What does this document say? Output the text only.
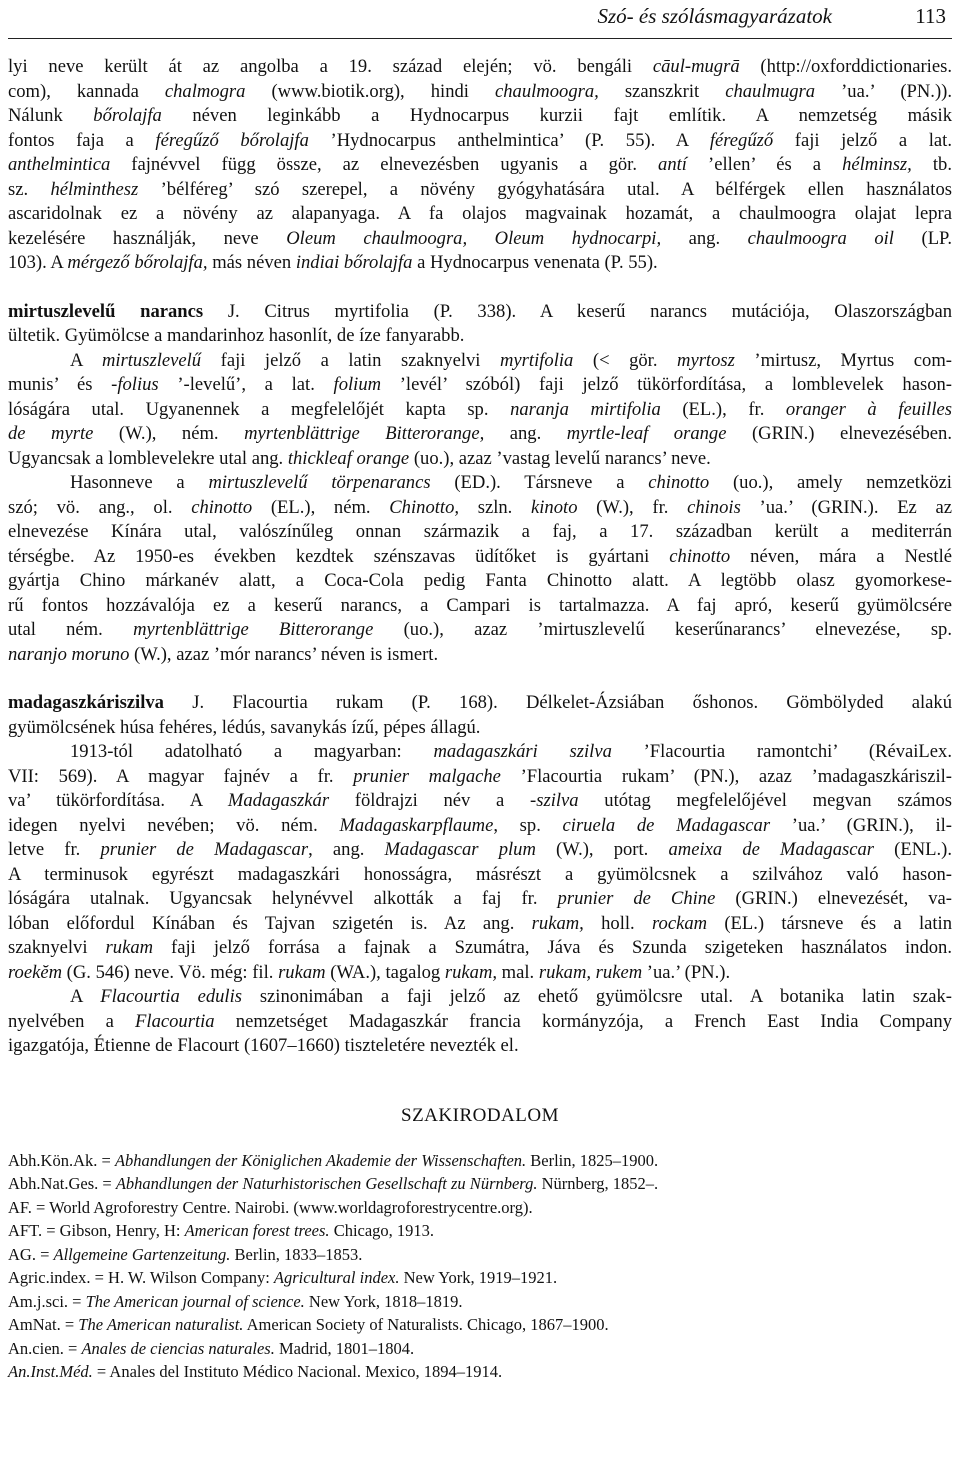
Szó- és szólásmagyarázatok	113
lyi neve került át az angolba a 19. század elején; vö. bengáli cāul-mugrā (http://oxforddictionaries.
com), kannada chalmogra (www.biotik.org), hindi chaulmoogra, szanszkrit chaulmugra ’ua.’ (PN.)).
Nálunk bőrolajfa néven leginkább a Hydnocarpus kurzii fajt említik. A nemzetség másik
fontos faja a féregűző bőrolajfa ’Hydnocarpus anthelmintica’ (P. 55). A féregűző faji jelző a lat.
anthelmintica fajnévvel függ össze, az elnevezésben ugyanis a gör. antí ’ellen’ és a hélminsz, tb.
sz. hélminthesz ’bélféreg’ szó szerepel, a növény gyógyhatására utal. A bélférgek ellen használatos
ascaridolnak ez a növény az alapanyaga. A fa olajos magvainak hozamát, a chaulmoogra olajat lepra
kezelésére használják, neve Oleum chaulmoogra, Oleum hydnocarpi, ang. chaulmoogra oil (LP.
103). A mérgező bőrolajfa, más néven indiai bőrolajfa a Hydnocarpus venenata (P. 55).
mirtuszlevelű narancs J. Citrus myrtifolia (P. 338). A keserű narancs mutációja, Olaszországban
ültetik. Gyümölcse a mandarinhoz hasonlít, de íze fanyarabb.
A mirtuszlevelű faji jelző a latin szaknyelvi myrtifolia (< gör. myrtosz ’mirtusz, Myrtus com-
munis’ és -folius ’-levelű’, a lat. folium ’levél’ szóból) faji jelző tükörfordítása, a lomblevelek hason-
lóságára utal. Ugyanennek a megfelelőjét kapta sp. naranja mirtifolia (EL.), fr. oranger à feuilles
de myrte (W.), ném. myrtenblättrige Bitterorange, ang. myrtle-leaf orange (GRIN.) elnevezésében.
Ugyancsak a lomblevelekre utal ang. thickleaf orange (uo.), azaz ’vastag levelű narancs’ neve.
Hasonneve a mirtuszlevelű törpenarancs (ED.). Társneve a chinotto (uo.), amely nemzetközi
szó; vö. ang., ol. chinotto (EL.), ném. Chinotto, szln. kinoto (W.), fr. chinois ’ua.’ (GRIN.). Ez az
elnevezése Kínára utal, valószínűleg onnan származik a faj, a 17. században került a mediterrán
térségbe. Az 1950-es években kezdtek szénszavas üdítőket is gyártani chinotto néven, mára a Nestlé
gyártja Chino márkanév alatt, a Coca-Cola pedig Fanta Chinotto alatt. A legtöbb olasz gyomorkese-
rű fontos hozzávalója ez a keserű narancs, a Campari is tartalmazza. A faj apró, keserű gyümölcsére
utal ném. myrtenblättrige Bitterorange (uo.), azaz ’mirtuszlevelű keserűnarancs’ elnevezése, sp.
naranjo moruno (W.), azaz ’mór narancs’ néven is ismert.
madagaszkáriszilva J. Flacourtia rukam (P. 168). Délkelet-Ázsiában őshonos. Gömbölyded alakú
gyümölcsének húsa fehéres, lédús, savanykás ízű, pépes állagú.
1913-tól adatolható a magyarban: madagaszkári szilva ’Flacourtia ramontchi’ (RévaiLex.
VII: 569). A magyar fajnév a fr. prunier malgache ’Flacourtia rukam’ (PN.), azaz ’madagaszkáriszil-
va’ tükörfordítása. A Madagaszkár földrajzi név a -szilva utótag megfelelőjével megvan számos
idegen nyelvi nevében; vö. ném. Madagaskarpflaume, sp. ciruela de Madagascar ’ua.’ (GRIN.), il-
letve fr. prunier de Madagascar, ang. Madagascar plum (W.), port. ameixa de Madagascar (ENL.).
A terminusok egyrészt madagaszkári honosságra, másrészt a gyümölcsnek a szilvához való hason-
lóságára utalnak. Ugyancsak helynévvel alkották a faj fr. prunier de Chine (GRIN.) elnevezését, va-
lóban előfordul Kínában és Tajvan szigetén is. Az ang. rukam, holl. rockam (EL.) társneve és a latin
szaknyelvi rukam faji jelző forrása a fajnak a Szumátra, Jáva és Szunda szigeteken használatos indon.
roekĕm (G. 546) neve. Vö. még: fil. rukam (WA.), tagalog rukam, mal. rukam, rukem ’ua.’ (PN.).
A Flacourtia edulis szinonimában a faji jelző az ehető gyümölcsre utal. A botanika latin szak-
nyelvében a Flacourtia nemzetséget Madagaszkár francia kormányzója, a French East India Company
igazgatója, Étienne de Flacourt (1607–1660) tiszteletére nevezték el.

SZAKIRODALOM

Abh.Kön.Ak. = Abhandlungen der Königlichen Akademie der Wissenschaften. Berlin, 1825–1900.
Abh.Nat.Ges. = Abhandlungen der Naturhistorischen Gesellschaft zu Nürnberg. Nürnberg, 1852–.
AF. = World Agroforestry Centre. Nairobi. (www.worldagroforestrycentre.org).
AFT. = Gibson, Henry, H: American forest trees. Chicago, 1913.
AG. = Allgemeine Gartenzeitung. Berlin, 1833–1853.
Agric.index. = H. W. Wilson Company: Agricultural index. New York, 1919–1921.
Am.j.sci. = The American journal of science. New York, 1818–1819.
AmNat. = The American naturalist. American Society of Naturalists. Chicago, 1867–1900.
An.cien. = Anales de ciencias naturales. Madrid, 1801–1804.
An.Inst.Méd. = Anales del Instituto Médico Nacional. Mexico, 1894–1914.
